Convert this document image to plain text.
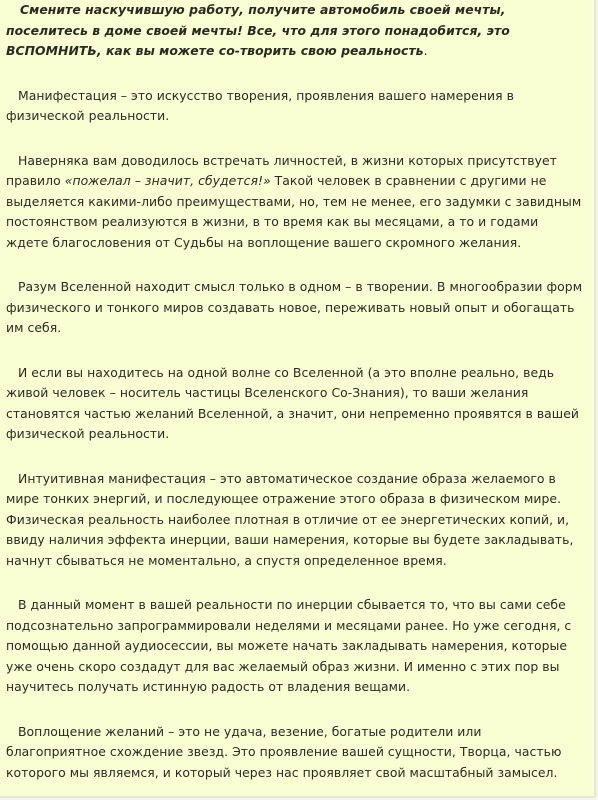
Смените наскучившую работу, получите автомобиль своей мечты, поселитесь в доме своей мечты! Все, что для этого понадобится, это ВСПОМНИТЬ, как вы можете со-творить свою реальность.

Манифестация – это искусство творения, проявления вашего намерения в физической реальности.

Наверняка вам доводилось встречать личностей, в жизни которых присутствует правило «пожелал – значит, сбудется!» Такой человек в сравнении с другими не выделяется какими-либо преимуществами, но, тем не менее, его задумки с завидным постоянством реализуются в жизни, в то время как вы месяцами, а то и годами ждете благословения от Судьбы на воплощение вашего скромного желания.

Разум Вселенной находит смысл только в одном – в творении. В многообразии форм физического и тонкого миров создавать новое, переживать новый опыт и обогащать им себя.

И если вы находитесь на одной волне со Вселенной (а это вполне реально, ведь живой человек – носитель частицы Вселенского Со-Знания), то ваши желания становятся частью желаний Вселенной, а значит, они непременно проявятся в вашей физической реальности.

Интуитивная манифестация – это автоматическое создание образа желаемого в мире тонких энергий, и последующее отражение этого образа в физическом мире. Физическая реальность наиболее плотная в отличие от ее энергетических копий, и, ввиду наличия эффекта инерции, ваши намерения, которые вы будете закладывать, начнут сбываться не моментально, а спустя определенное время.

В данный момент в вашей реальности по инерции сбывается то, что вы сами себе подсознательно запрограммировали неделями и месяцами ранее. Но уже сегодня, с помощью данной аудиосессии, вы можете начать закладывать намерения, которые уже очень скоро создадут для вас желаемый образ жизни. И именно с этих пор вы научитесь получать истинную радость от владения вещами.

Воплощение желаний – это не удача, везение, богатые родители или благоприятное схождение звезд. Это проявление вашей сущности, Творца, частью которого мы являемся, и который через нас проявляет свой масштабный замысел.
